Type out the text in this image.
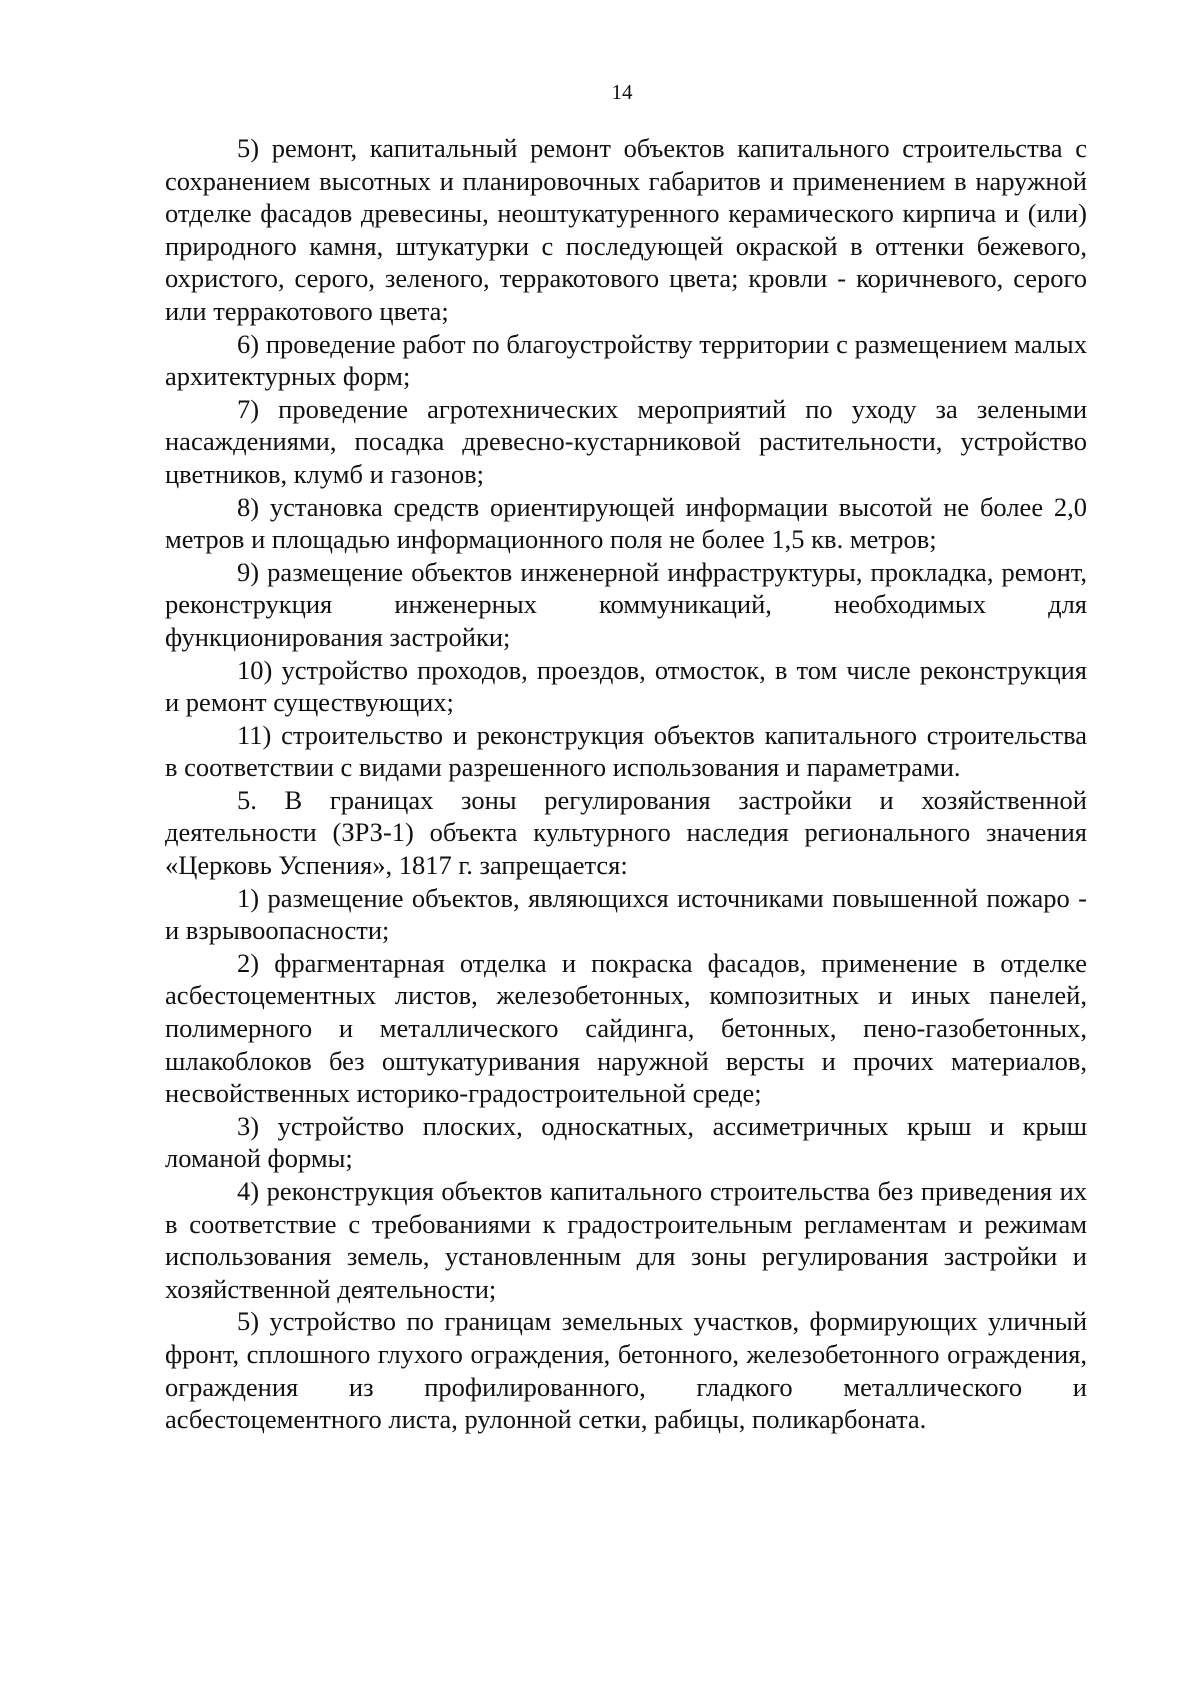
14

5) ремонт, капитальный ремонт объектов капитального строительства с сохранением высотных и планировочных габаритов и применением в наружной отделке фасадов древесины, неоштукатуренного керамического кирпича и (или) природного камня, штукатурки с последующей окраской в оттенки бежевого, охристого, серого, зеленого, терракотового цвета; кровли - коричневого, серого или терракотового цвета;

6) проведение работ по благоустройству территории с размещением малых архитектурных форм;

7) проведение агротехнических мероприятий по уходу за зелеными насаждениями, посадка древесно-кустарниковой растительности, устройство цветников, клумб и газонов;

8) установка средств ориентирующей информации высотой не более 2,0 метров и площадью информационного поля не более 1,5 кв. метров;

9) размещение объектов инженерной инфраструктуры, прокладка, ремонт, реконструкция инженерных коммуникаций, необходимых для функционирования застройки;

10) устройство проходов, проездов, отмосток, в том числе реконструкция и ремонт существующих;

11) строительство и реконструкция объектов капитального строительства в соответствии с видами разрешенного использования и параметрами.

5. В границах зоны регулирования застройки и хозяйственной деятельности (ЗРЗ-1) объекта культурного наследия регионального значения «Церковь Успения», 1817 г. запрещается:

1) размещение объектов, являющихся источниками повышенной пожаро - и взрывоопасности;

2) фрагментарная отделка и покраска фасадов, применение в отделке асбестоцементных листов, железобетонных, композитных и иных панелей, полимерного и металлического сайдинга, бетонных, пено-газобетонных, шлакоблоков без оштукатуривания наружной версты и прочих материалов, несвойственных историко-градостроительной среде;

3) устройство плоских, односкатных, ассиметричных крыш и крыш ломаной формы;

4) реконструкция объектов капитального строительства без приведения их в соответствие с требованиями к градостроительным регламентам и режимам использования земель, установленным для зоны регулирования застройки и хозяйственной деятельности;

5) устройство по границам земельных участков, формирующих уличный фронт, сплошного глухого ограждения, бетонного, железобетонного ограждения, ограждения из профилированного, гладкого металлического и асбестоцементного листа, рулонной сетки, рабицы, поликарбоната.
